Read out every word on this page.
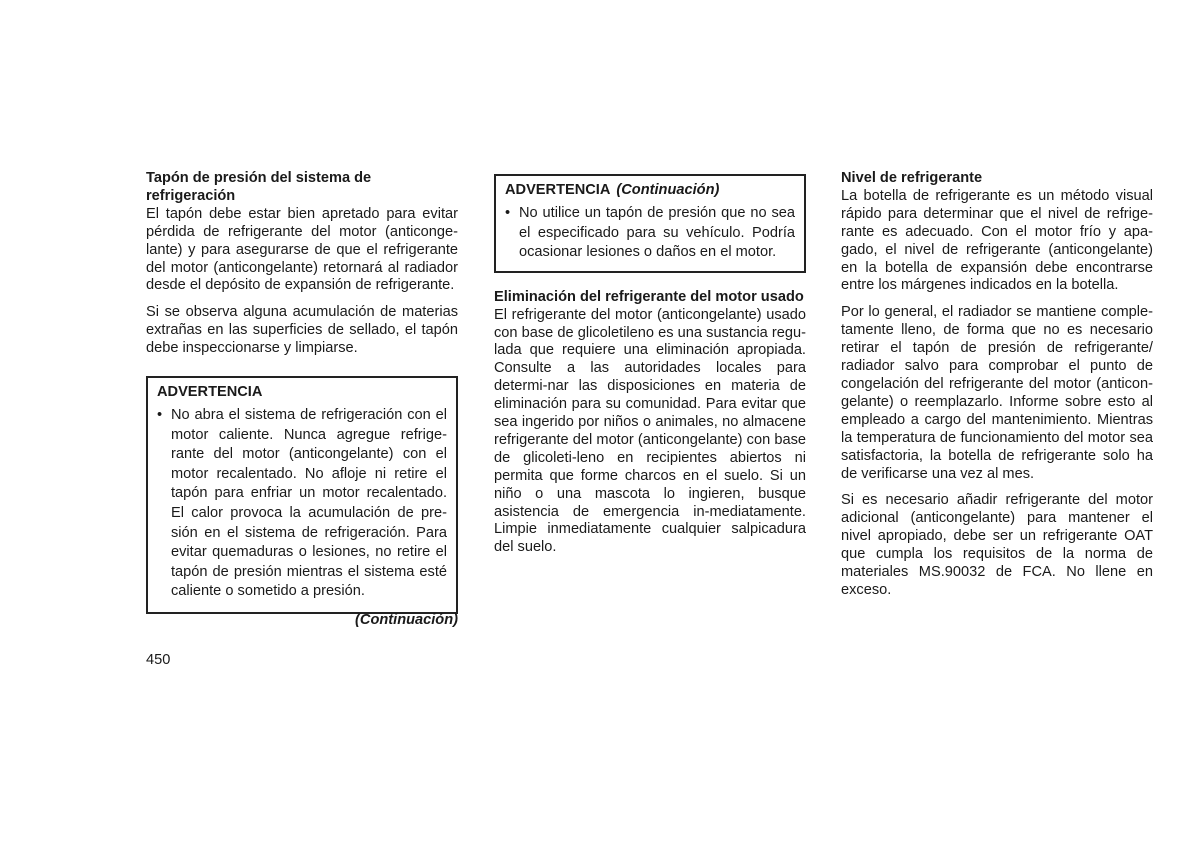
Tapón de presión del sistema de refrigeración

El tapón debe estar bien apretado para evitar pérdida de refrigerante del motor (anticonge-lante) y para asegurarse de que el refrigerante del motor (anticongelante) retornará al radiador desde el depósito de expansión de refrigerante.

Si se observa alguna acumulación de materias extrañas en las superficies de sellado, el tapón debe inspeccionarse y limpiarse.

ADVERTENCIA

• No abra el sistema de refrigeración con el motor caliente. Nunca agregue refrige-rante del motor (anticongelante) con el motor recalentado. No afloje ni retire el tapón para enfriar un motor recalentado. El calor provoca la acumulación de pre-sión en el sistema de refrigeración. Para evitar quemaduras o lesiones, no retire el tapón de presión mientras el sistema esté caliente o sometido a presión.
(Continuación)
450

ADVERTENCIA (Continuación)

• No utilice un tapón de presión que no sea el especificado para su vehículo. Podría ocasionar lesiones o daños en el motor.

Eliminación del refrigerante del motor usado

El refrigerante del motor (anticongelante) usado con base de glicoletileno es una sustancia regu-lada que requiere una eliminación apropiada. Consulte a las autoridades locales para determi-nar las disposiciones en materia de eliminación para su comunidad. Para evitar que sea ingerido por niños o animales, no almacene refrigerante del motor (anticongelante) con base de glicoleti-leno en recipientes abiertos ni permita que forme charcos en el suelo. Si un niño o una mascota lo ingieren, busque asistencia de emergencia in-mediatamente. Limpie inmediatamente cualquier salpicadura del suelo.

Nivel de refrigerante

La botella de refrigerante es un método visual rápido para determinar que el nivel de refrige-rante es adecuado. Con el motor frío y apa-gado, el nivel de refrigerante (anticongelante) en la botella de expansión debe encontrarse entre los márgenes indicados en la botella.

Por lo general, el radiador se mantiene comple-tamente lleno, de forma que no es necesario retirar el tapón de presión de refrigerante/ radiador salvo para comprobar el punto de congelación del refrigerante del motor (anticon-gelante) o reemplazarlo. Informe sobre esto al empleado a cargo del mantenimiento. Mientras la temperatura de funcionamiento del motor sea satisfactoria, la botella de refrigerante solo ha de verificarse una vez al mes.

Si es necesario añadir refrigerante del motor adicional (anticongelante) para mantener el nivel apropiado, debe ser un refrigerante OAT que cumpla los requisitos de la norma de materiales MS.90032 de FCA. No llene en exceso.
